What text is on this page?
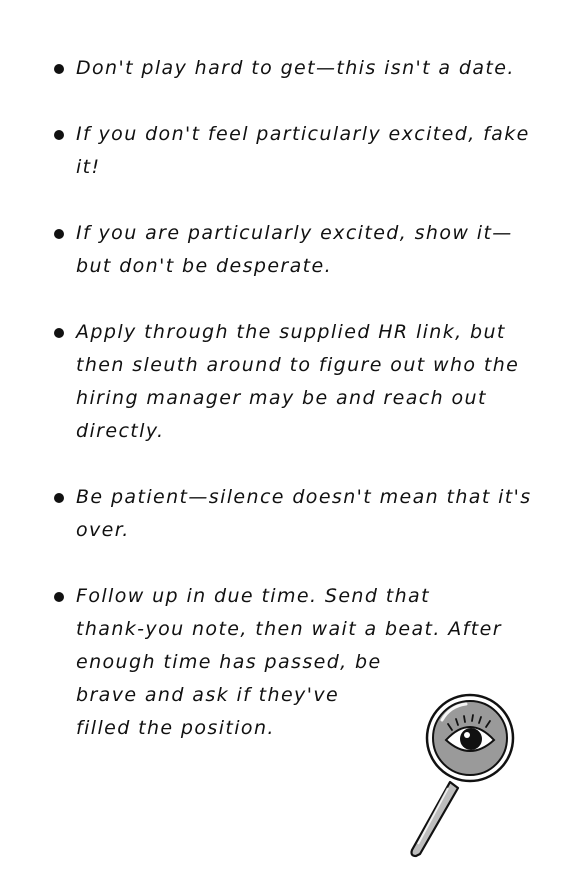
Don't play hard to get—this isn't a date.
If you don't feel particularly excited, fake it!
If you are particularly excited, show it—but don't be desperate.
Apply through the supplied HR link, but then sleuth around to figure out who the hiring manager may be and reach out directly.
Be patient—silence doesn't mean that it's over.
Follow up in due time. Send that
thank-you note, then wait a beat. After
enough time has passed, be
brave and ask if they've
filled the position.
